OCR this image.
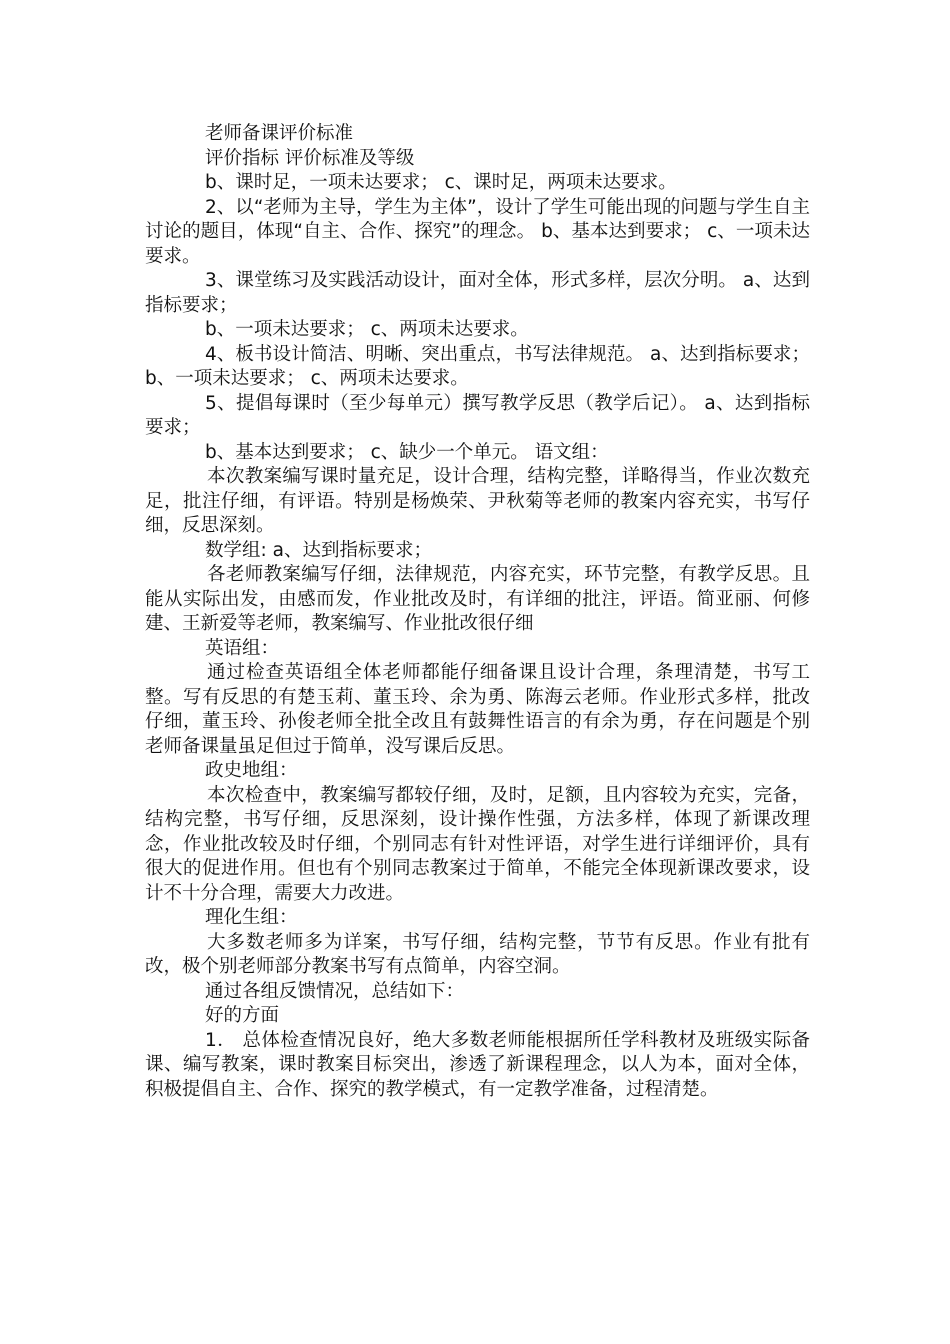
老师备课评价标准

评价指标 评价标准及等级

b、课时足，一项未达要求； c、课时足，两项未达要求。

2、以“老师为主导，学生为主体”，设计了学生可能出现的问题与学生自主讨论的题目，体现“自主、合作、探究”的理念。 b、基本达到要求； c、一项未达要求。

3、课堂练习及实践活动设计，面对全体，形式多样，层次分明。 a、达到指标要求；

b、一项未达要求； c、两项未达要求。

4、板书设计简洁、明晰、突出重点，书写法律规范。 a、达到指标要求； b、一项未达要求； c、两项未达要求。

5、提倡每课时（至少每单元）撰写教学反思（教学后记）。 a、达到指标要求；

b、基本达到要求； c、缺少一个单元。 语文组：

本次教案编写课时量充足，设计合理，结构完整，详略得当，作业次数充足，批注仔细，有评语。特别是杨焕荣、尹秋菊等老师的教案内容充实，书写仔细，反思深刻。

数学组: a、达到指标要求；

各老师教案编写仔细，法律规范，内容充实，环节完整，有教学反思。且能从实际出发，由感而发，作业批改及时，有详细的批注，评语。简亚丽、何修建、王新爱等老师，教案编写、作业批改很仔细

英语组：

通过检查英语组全体老师都能仔细备课且设计合理，条理清楚，书写工整。写有反思的有楚玉莉、董玉玲、余为勇、陈海云老师。作业形式多样，批改仔细，董玉玲、孙俊老师全批全改且有鼓舞性语言的有余为勇，存在问题是个别老师备课量虽足但过于简单，没写课后反思。

政史地组：

本次检查中，教案编写都较仔细，及时，足额，且内容较为充实，完备，结构完整，书写仔细，反思深刻，设计操作性强，方法多样，体现了新课改理念，作业批改较及时仔细，个别同志有针对性评语，对学生进行详细评价，具有很大的促进作用。但也有个别同志教案过于简单，不能完全体现新课改要求，设计不十分合理，需要大力改进。

理化生组：

大多数老师多为详案，书写仔细，结构完整，节节有反思。作业有批有改，极个别老师部分教案书写有点简单，内容空洞。

通过各组反馈情况，总结如下：

好的方面

1． 总体检查情况良好，绝大多数老师能根据所任学科教材及班级实际备课、编写教案，课时教案目标突出，渗透了新课程理念，以人为本，面对全体，积极提倡自主、合作、探究的教学模式，有一定教学准备，过程清楚。
